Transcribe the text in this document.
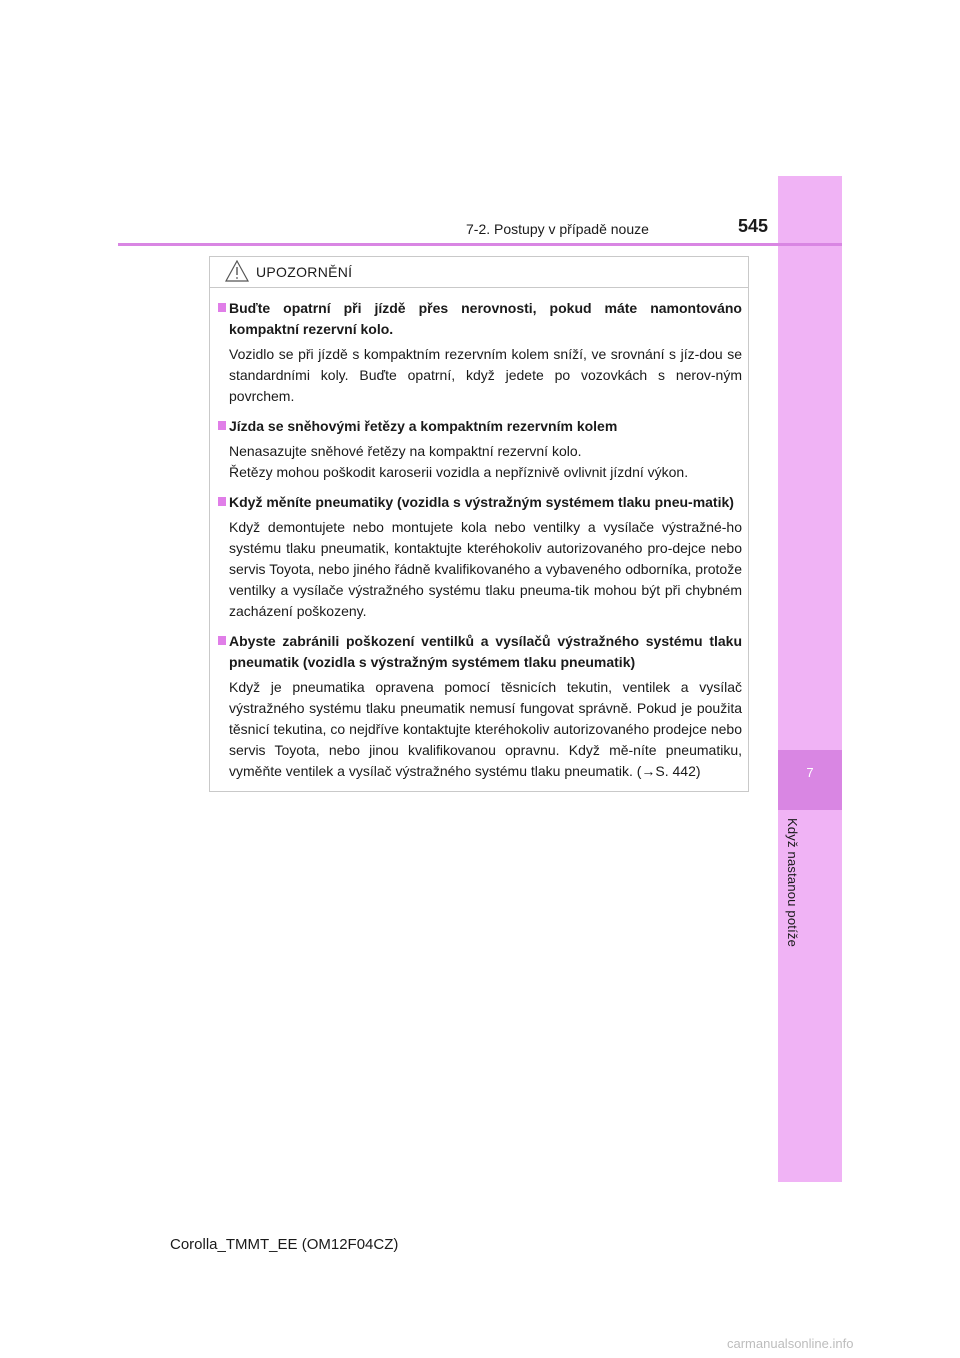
7
Když nastanou potíže
7-2. Postupy v případě nouze	545
UPOZORNĚNÍ
Buďte opatrní při jízdě přes nerovnosti, pokud máte namontováno kompaktní rezervní kolo.
Vozidlo se při jízdě s kompaktním rezervním kolem sníží, ve srovnání s jíz-dou se standardními koly. Buďte opatrní, když jedete po vozovkách s nerov-ným povrchem.
Jízda se sněhovými řetězy a kompaktním rezervním kolem
Nenasazujte sněhové řetězy na kompaktní rezervní kolo.
Řetězy mohou poškodit karoserii vozidla a nepříznivě ovlivnit jízdní výkon.
Když měníte pneumatiky (vozidla s výstražným systémem tlaku pneu-matik)
Když demontujete nebo montujete kola nebo ventilky a vysílače výstražné-ho systému tlaku pneumatik, kontaktujte kteréhokoliv autorizovaného pro-dejce nebo servis Toyota, nebo jiného řádně kvalifikovaného a vybaveného odborníka, protože ventilky a vysílače výstražného systému tlaku pneuma-tik mohou být při chybném zacházení poškozeny.
Abyste zabránili poškození ventilků a vysílačů výstražného systému tlaku pneumatik (vozidla s výstražným systémem tlaku pneumatik)
Když je pneumatika opravena pomocí těsnicích tekutin, ventilek a vysílač výstražného systému tlaku pneumatik nemusí fungovat správně. Pokud je použita těsnicí tekutina, co nejdříve kontaktujte kteréhokoliv autorizovaného prodejce nebo servis Toyota, nebo jinou kvalifikovanou opravnu. Když mě-níte pneumatiku, vyměňte ventilek a vysílač výstražného systému tlaku pneumatik. (→S. 442)
Corolla_TMMT_EE (OM12F04CZ)
carmanualsonline.info
